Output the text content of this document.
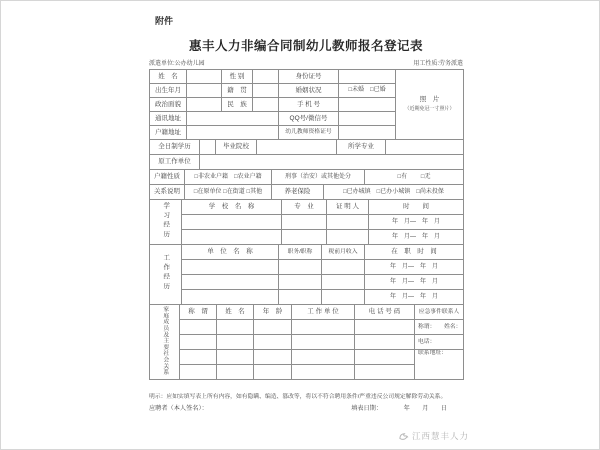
附件
惠丰人力非编合同制幼儿教师报名登记表
派遣单位:公办幼儿园	用工性质:劳务派遣
姓　名		性 别		身份证号		照　片
（近期免冠一寸照片）

出生年月		籍　贯		婚姻状况	□未婚　□已婚	
政治面貌		民　族		手 机 号		
通讯地址				QQ号/微信号		
户籍地址				幼儿教师资格证号		
全日制学历		毕业院校		所学专业	
原工作单位	
户籍性质	□非农业户籍　□农业户籍	刑事（治安）或其他处分	□有 　　 □无
关系说明	□在原单位 □在街道 □其他	养老保险	□已办城镇　□已办小城镇　□尚未投保
学习经历	学　校　名　称	专　业	证 明 人	时　　间
				年　月—　年　月
				年　月—　年　月
工作经历	单　位　名　称	职务/职称	税前月收入	在　职　时　间
				年　月—　年　月
				年　月—　年　月
				年　月—　年　月
家庭成员及主要社会关系	称　谓	姓　名	年　龄	工 作 单 位	电 话 号 码	应急事件联系人
						称谓：　　姓名：
						电话：
						联系地址：

明示：应如实填写表上所有内容，如有隐瞒、编造、篡改等，将以不符合聘用条件/严重违反公司规定解除劳动关系。
应聘者（本人签名）：	填表日期：　　　　年　　月　　日
江西慧丰人力
